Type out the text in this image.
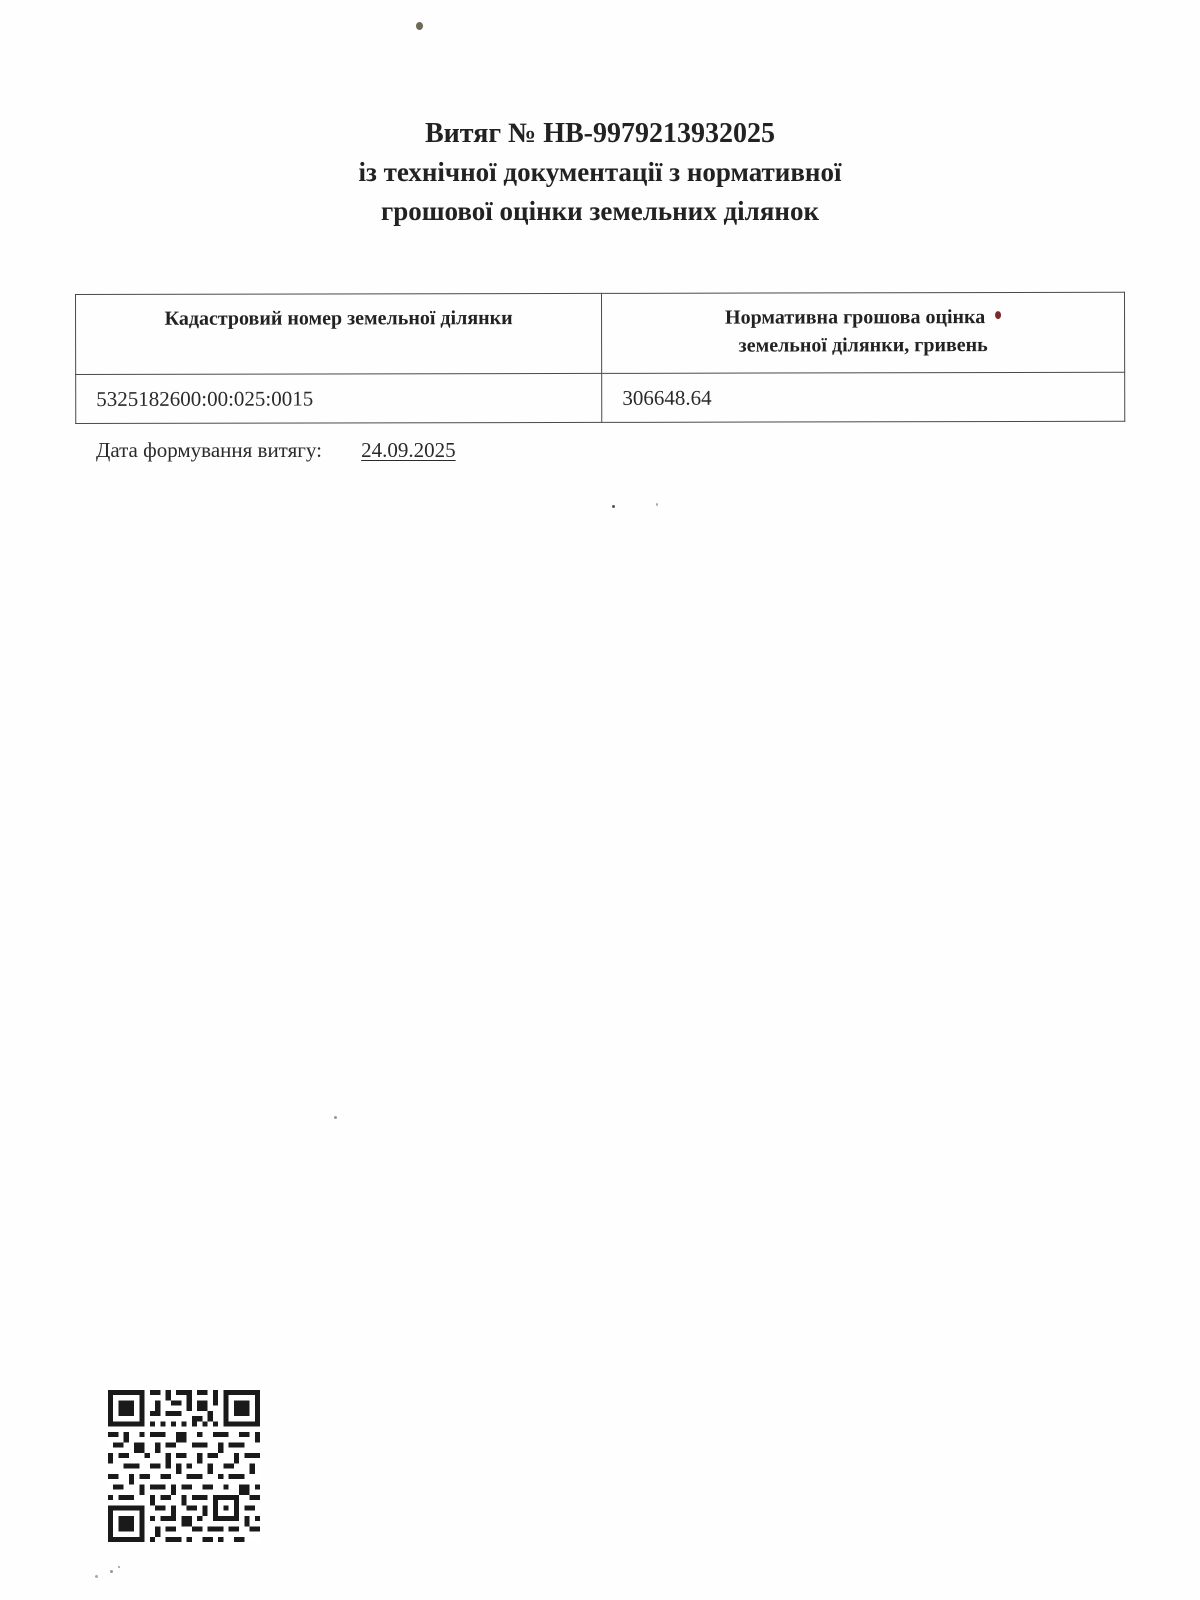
Витяг № НВ-9979213932025
із технічної документації з нормативної
грошової оцінки земельних ділянок
Кадастровий номер земельної ділянки	Нормативна грошова оцінка
земельної ділянки, гривень

5325182600:00:025:0015	306648.64
Дата формування витягу: 24.09.2025
